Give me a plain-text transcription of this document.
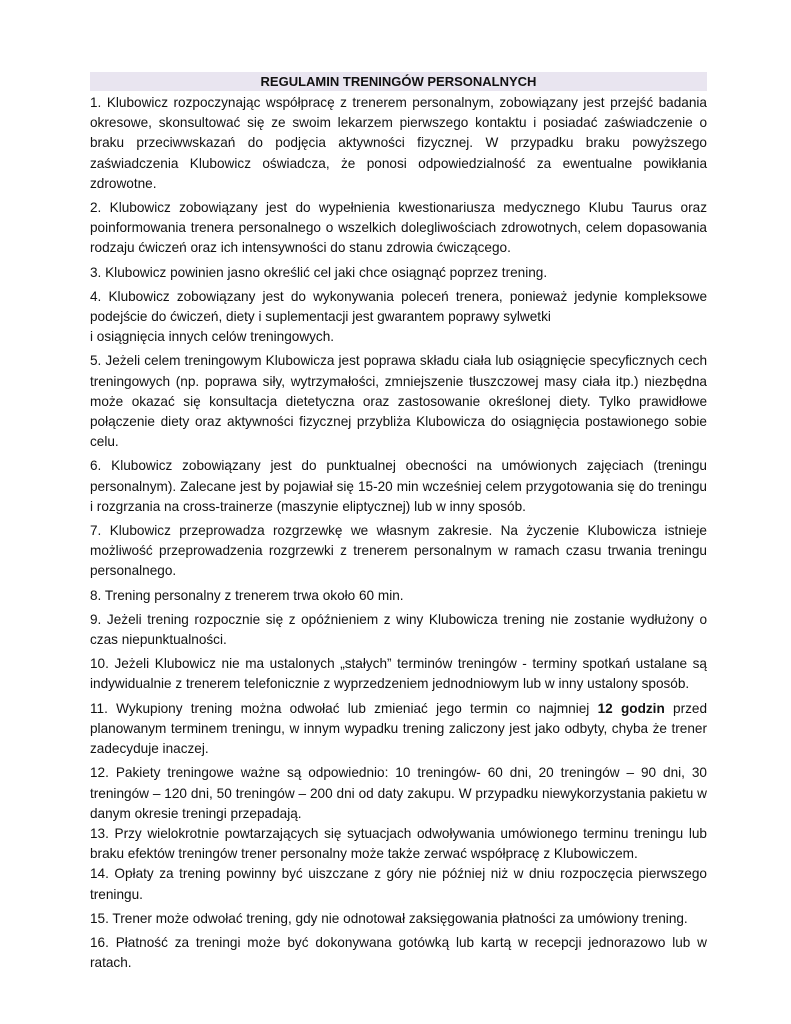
REGULAMIN TRENINGÓW PERSONALNYCH

1. Klubowicz rozpoczynając współpracę z trenerem personalnym, zobowiązany jest przejść badania okresowe, skonsultować się ze swoim lekarzem pierwszego kontaktu i posiadać zaświadczenie o braku przeciwwskazań do podjęcia aktywności fizycznej. W przypadku braku powyższego zaświadczenia Klubowicz oświadcza, że ponosi odpowiedzialność za ewentualne powikłania zdrowotne.

2. Klubowicz zobowiązany jest do wypełnienia kwestionariusza medycznego Klubu Taurus oraz poinformowania trenera personalnego o wszelkich dolegliwościach zdrowotnych, celem dopasowania rodzaju ćwiczeń oraz ich intensywności do stanu zdrowia ćwiczącego.

3. Klubowicz powinien jasno określić cel jaki chce osiągnąć poprzez trening.

4. Klubowicz zobowiązany jest do wykonywania poleceń trenera, ponieważ jedynie kompleksowe podejście do ćwiczeń, diety i suplementacji jest gwarantem poprawy sylwetki
i osiągnięcia innych celów treningowych.

5. Jeżeli celem treningowym Klubowicza jest poprawa składu ciała lub osiągnięcie specyficznych cech treningowych (np. poprawa siły, wytrzymałości, zmniejszenie tłuszczowej masy ciała itp.) niezbędna może okazać się konsultacja dietetyczna oraz zastosowanie określonej diety. Tylko prawidłowe połączenie diety oraz aktywności fizycznej przybliża Klubowicza do osiągnięcia postawionego sobie celu.

6. Klubowicz zobowiązany jest do punktualnej obecności na umówionych zajęciach (treningu personalnym). Zalecane jest by pojawiał się 15-20 min wcześniej celem przygotowania się do treningu i rozgrzania na cross-trainerze (maszynie eliptycznej) lub w inny sposób.

7. Klubowicz przeprowadza rozgrzewkę we własnym zakresie. Na życzenie Klubowicza istnieje możliwość przeprowadzenia rozgrzewki z trenerem personalnym w ramach czasu trwania treningu personalnego.

8. Trening personalny z trenerem trwa około 60 min.

9. Jeżeli trening rozpocznie się z opóźnieniem z winy Klubowicza trening nie zostanie wydłużony o czas niepunktualności.

10. Jeżeli Klubowicz nie ma ustalonych „stałych” terminów treningów - terminy spotkań ustalane są indywidualnie z trenerem telefonicznie z wyprzedzeniem jednodniowym lub w inny ustalony sposób.

11. Wykupiony trening można odwołać lub zmieniać jego termin co najmniej 12 godzin przed planowanym terminem treningu, w innym wypadku trening zaliczony jest jako odbyty, chyba że trener zadecyduje inaczej.

12. Pakiety treningowe ważne są odpowiednio: 10 treningów- 60 dni, 20 treningów – 90 dni, 30 treningów – 120 dni, 50 treningów – 200 dni od daty zakupu. W przypadku niewykorzystania pakietu w danym okresie treningi przepadają.

13. Przy wielokrotnie powtarzających się sytuacjach odwoływania umówionego terminu treningu lub braku efektów treningów trener personalny może także zerwać współpracę z Klubowiczem.

14. Opłaty za trening powinny być uiszczane z góry nie później niż w dniu rozpoczęcia pierwszego treningu.

15. Trener może odwołać trening, gdy nie odnotował zaksięgowania płatności za umówiony trening.

16. Płatność za treningi może być dokonywana gotówką lub kartą w recepcji jednorazowo lub w ratach.
